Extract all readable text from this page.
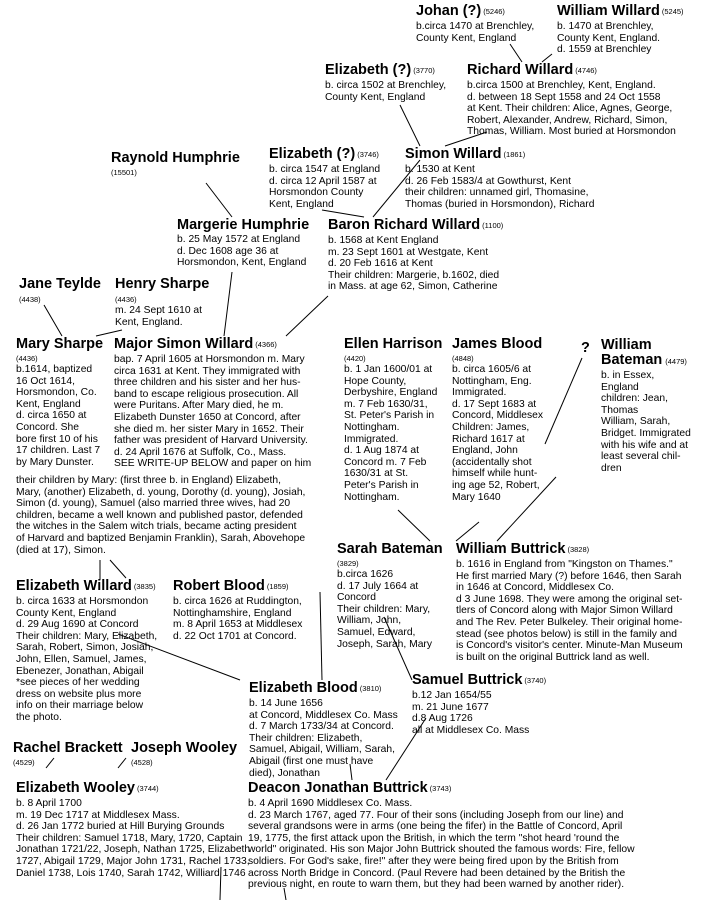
Johan (?) (5246)
b.circa 1470 at Brenchley,
County Kent, England
William Willard (5245)
b. 1470 at Brenchley,
County Kent, England.
d. 1559 at Brenchley
Elizabeth (?) (3770)
b. circa 1502 at Brenchley,
County Kent, England
Richard Willard (4746)
b.circa 1500 at Brenchley, Kent, England.
d. between 18 Sept 1558 and 24 Oct 1558
at Kent. Their children: Alice, Agnes, George,
Robert, Alexander, Andrew, Richard, Simon,
Thomas, William. Most buried at Horsmondon
Raynold Humphrie
(15501)
Elizabeth (?) (3746)
b. circa 1547 at England
d. circa 12 April 1587 at
Horsmondon County
Kent, England
Simon Willard (1861)
b. 1530 at Kent
d. 26 Feb 1583/4 at Gowthurst, Kent
their children: unnamed girl, Thomasine,
Thomas (buried in Horsmondon), Richard
Margerie Humphrie
b. 25 May 1572 at England
d. Dec 1608 age 36 at
Horsmondon, Kent, England
Baron Richard Willard (1100)
b. 1568 at Kent England
m. 23 Sept 1601 at Westgate, Kent
d. 20 Feb 1616 at Kent
Their children: Margerie, b.1602, died
in Mass. at age 62, Simon, Catherine
Jane Teylde
(4438)
Henry Sharpe
(4436)
m. 24 Sept 1610 at
Kent, England.
Mary Sharpe
(4436)
b.1614, baptized
16 Oct 1614,
Horsmondon, Co.
Kent, England
d. circa 1650 at
Concord. She
bore first 10 of his
17 children. Last 7
by Mary Dunster.
Major Simon Willard (4366)
bap. 7 April 1605 at Horsmondon m. Mary
circa 1631 at Kent. They immigrated with
three children and his sister and her hus-
band to escape religious prosecution. All
were Puritans. After Mary died, he m.
Elizabeth Dunster 1650 at Concord, after
she died m. her sister Mary in 1652. Their
father was president of Harvard University.
d. 24 April 1676 at Suffolk, Co., Mass.
SEE WRITE-UP BELOW and paper on him
their children by Mary: (first three b. in England) Elizabeth,
Mary, (another) Elizabeth, d. young, Dorothy (d. young), Josiah,
Simon (d. young), Samuel (also married three wives, had 20
children, became a well known and published pastor, defended
the witches in the Salem witch trials, became acting president
of Harvard and baptized Benjamin Franklin), Sarah, Abovehope
(died at 17), Simon.
Ellen Harrison
(4420)
b. 1 Jan 1600/01 at
Hope County,
Derbyshire, England
m. 7 Feb 1630/31,
St. Peter's Parish in
Nottingham.
Immigrated.
d. 1 Aug 1874 at
Concord m. 7 Feb
1630/31 at St.
Peter's Parish in
Nottingham.
James Blood
(4848)
b. circa 1605/6 at
Nottingham, Eng.
Immigrated.
d. 17 Sept 1683 at
Concord, Middlesex
Children: James,
Richard 1617 at
England, John
(accidentally shot
himself while hunt-
ing age 52, Robert,
Mary 1640
? William Bateman (4479)
b. in Essex,
England
children: Jean,
Thomas
William, Sarah,
Bridget. Immigrated
with his wife and at
least several chil-
dren
Sarah Bateman
(3829)
b.circa 1626
d. 17 July 1664 at
Concord
Their children: Mary,
William, John,
Samuel, Edward,
Joseph, Sarah, Mary
William Buttrick (3828)
b. 1616 in England from "Kingston on Thames."
He first married Mary (?) before 1646, then Sarah
in 1646 at Concord, Middlesex Co.
d 3 June 1698. They were among the original set-
tlers of Concord along with Major Simon Willard
and The Rev. Peter Bulkeley. Their original home-
stead (see photos below) is still in the family and
is Concord's visitor's center. Minute-Man Museum
is built on the original Buttrick land as well.
Elizabeth Willard (3835)
b. circa 1633 at Horsmondon
County Kent, England
d. 29 Aug 1690 at Concord
Their children: Mary, Elizabeth,
Sarah, Robert, Simon, Josiah,
John, Ellen, Samuel, James,
Ebenezer, Jonathan, Abigail
*see pieces of her wedding
dress on website plus more
info on their marriage below
the photo.
Robert Blood (1859)
b. circa 1626 at Ruddington,
Nottinghamshire, England
m. 8 April 1653 at Middlesex
d. 22 Oct 1701 at Concord.
Elizabeth Blood (3810)
b. 14 June 1656
at Concord, Middlesex Co. Mass
d. 7 March 1733/34 at Concord.
Their children: Elizabeth,
Samuel, Abigail, William, Sarah,
Abigail (first one must have
died), Jonathan
Samuel Buttrick (3740)
b.12 Jan 1654/55
m. 21 June 1677
d.8 Aug 1726
all at Middlesex Co. Mass
Rachel Brackett
(4529)
Joseph Wooley
(4528)
Elizabeth Wooley (3744)
b. 8 April 1700
m. 19 Dec 1717 at Middlesex Mass.
d. 26 Jan 1772 buried at Hill Burying Grounds
Their children: Samuel 1718, Mary, 1720, Captain
Jonathan 1721/22, Joseph, Nathan 1725, Elizabeth
1727, Abigail 1729, Major John 1731, Rachel 1733,
Daniel 1738, Lois 1740, Sarah 1742, Williard 1746
Deacon Jonathan Buttrick (3743)
b. 4 April 1690 Middlesex Co. Mass.
d. 23 March 1767, aged 77. Four of their sons (including Joseph from our line) and
several grandsons were in arms (one being the fifer) in the Battle of Concord, April
19, 1775, the first attack upon the British, in which the term "shot heard 'round the
world" originated. His son Major John Buttrick shouted the famous words: Fire, fellow
soldiers. For God's sake, fire!" after they were being fired upon by the British from
across North Bridge in Concord. (Paul Revere had been detained by the British the
previous night, en route to warn them, but they had been warned by another rider).
